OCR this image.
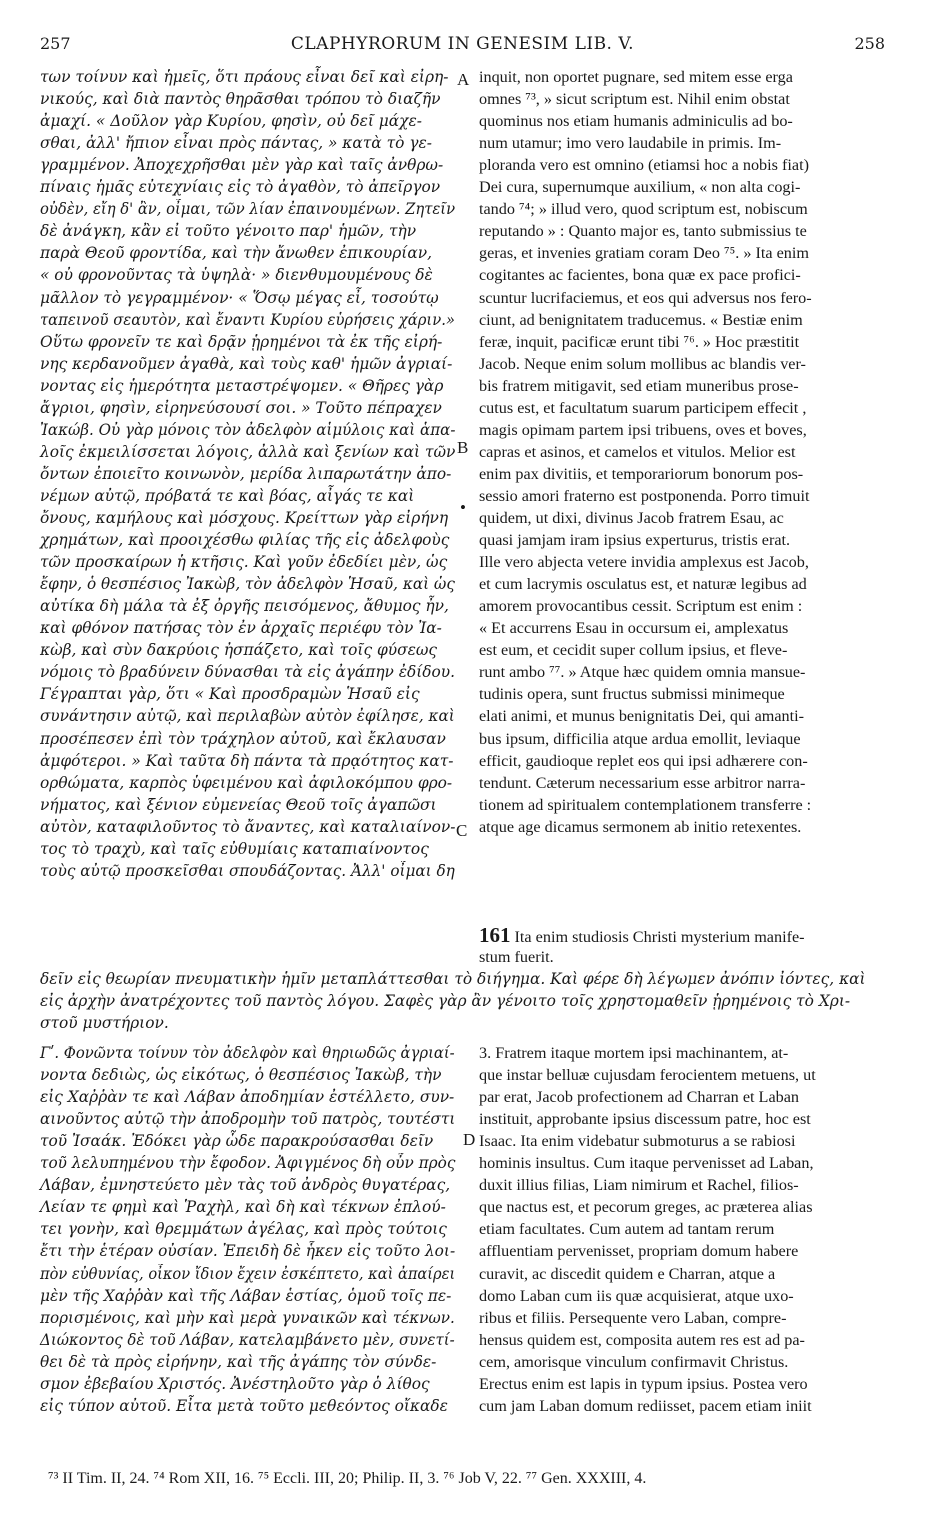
257	CLAPHYRORUM IN GENESIM LIB. V.	258
των τοίνυν καὶ ἡμεῖς, ὅτι πράους εἶναι δεῖ καὶ εἰρη-
νικούς, καὶ διὰ παντὸς θηρᾶσθαι τρόπου τὸ διαζῆν
ἀμαχί. « Δοῦλον γὰρ Κυρίου, φησὶν, οὐ δεῖ μάχε-
σθαι, ἀλλ' ἤπιον εἶναι πρὸς πάντας, » κατὰ τὸ γε-
γραμμένον. Ἀποχεχρῆσθαι μὲν γὰρ καὶ ταῖς ἀνθρω-
πίναις ἡμᾶς εὐτεχνίαις εἰς τὸ ἀγαθὸν, τὸ ἀπεῖργον
οὐδὲν, εἴη δ' ἂν, οἶμαι, τῶν λίαν ἐπαινουμένων. Ζητεῖν
δὲ ἀνάγκη, κἂν εἰ τοῦτο γένοιτο παρ' ἡμῶν, τὴν
παρὰ Θεοῦ φροντίδα, καὶ τὴν ἄνωθεν ἐπικουρίαν,
« οὐ φρονοῦντας τὰ ὑψηλὰ· » διενθυμουμένους δὲ
μᾶλλον τὸ γεγραμμένον· « Ὅσῳ μέγας εἶ, τοσούτῳ
ταπεινοῦ σεαυτὸν, καὶ ἔναντι Κυρίου εὑρήσεις χάριν.»
Οὕτω φρονεῖν τε καὶ δρᾷν ᾑρημένοι τὰ ἐκ τῆς εἰρή-
νης κερδανοῦμεν ἀγαθὰ, καὶ τοὺς καθ' ἡμῶν ἀγριαί-
νοντας εἰς ἡμερότητα μεταστρέψομεν. « Θῆρες γὰρ
ἄγριοι, φησὶν, εἰρηνεύσουσί σοι. » Τοῦτο πέπραχεν
Ἰακώβ. Οὐ γὰρ μόνοις τὸν ἀδελφὸν αἱμύλοις καὶ ἁπα-
λοῖς ἐκμειλίσσεται λόγοις, ἀλλὰ καὶ ξενίων καὶ τῶν
ὄντων ἐποιεῖτο κοινωνὸν, μερίδα λιπαρωτάτην ἀπο-
νέμων αὐτῷ, πρόβατά τε καὶ βόας, αἶγάς τε καὶ
ὄνους, καμήλους καὶ μόσχους. Κρείττων γὰρ εἰρήνη
χρημάτων, καὶ προοιχέσθω φιλίας τῆς εἰς ἀδελφοὺς
τῶν προσκαίρων ἡ κτῆσις. Καὶ γοῦν ἐδεδίει μὲν, ὡς
ἔφην, ὁ θεσπέσιος Ἰακὼβ, τὸν ἀδελφὸν Ἡσαῦ, καὶ ὡς
αὐτίκα δὴ μάλα τὰ ἐξ ὀργῆς πεισόμενος, ἄθυμος ἦν,
καὶ φθόνον πατήσας τὸν ἐν ἀρχαῖς περιέφυ τὸν Ἰα-
κὼβ, καὶ σὺν δακρύοις ἠσπάζετο, καὶ τοῖς φύσεως
νόμοις τὸ βραδύνειν δύνασθαι τὰ εἰς ἀγάπην ἐδίδου.
Γέγραπται γὰρ, ὅτι « Καὶ προσδραμὼν Ἡσαῦ εἰς
συνάντησιν αὐτῷ, καὶ περιλαβὼν αὐτὸν ἐφίλησε, καὶ
προσέπεσεν ἐπὶ τὸν τράχηλον αὐτοῦ, καὶ ἔκλαυσαν
ἀμφότεροι. » Καὶ ταῦτα δὴ πάντα τὰ πρᾳότητος κατ-
ορθώματα, καρπὸς ὑφειμένου καὶ ἀφιλοκόμπου φρο-
νήματος, καὶ ξένιον εὐμενείας Θεοῦ τοῖς ἀγαπῶσι
αὐτὸν, καταφιλοῦντος τὸ ἄναντες, καὶ καταλιαίνον-
τος τὸ τραχὺ, καὶ ταῖς εὐθυμίαις καταπιαίνοντος
τοὺς αὐτῷ προσκεῖσθαι σπουδάζοντας. Ἀλλ' οἶμαι δη
inquit, non oportet pugnare, sed mitem esse erga
omnes ⁷³, » sicut scriptum est. Nihil enim obstat
quominus nos etiam humanis adminiculis ad bo-
num utamur; imo vero laudabile in primis. Im-
ploranda vero est omnino (etiamsi hoc a nobis fiat)
Dei cura, supernumque auxilium, « non alta cogi-
tando ⁷⁴; » illud vero, quod scriptum est, nobiscum
reputando » : Quanto major es, tanto submissius te
geras, et invenies gratiam coram Deo ⁷⁵. » Ita enim
cogitantes ac facientes, bona quæ ex pace profici-
scuntur lucrifaciemus, et eos qui adversus nos fero-
ciunt, ad benignitatem traducemus. « Bestiæ enim
feræ, inquit, pacificæ erunt tibi ⁷⁶. » Hoc præstitit
Jacob. Neque enim solum mollibus ac blandis ver-
bis fratrem mitigavit, sed etiam muneribus prose-
cutus est, et facultatum suarum participem effecit ,
magis opimam partem ipsi tribuens, oves et boves,
capras et asinos, et camelos et vitulos. Melior est
enim pax divitiis, et temporariorum bonorum pos-
sessio amori fraterno est postponenda. Porro timuit
quidem, ut dixi, divinus Jacob fratrem Esau, ac
quasi jamjam iram ipsius experturus, tristis erat.
Ille vero abjecta vetere invidia amplexus est Jacob,
et cum lacrymis osculatus est, et naturæ legibus ad
amorem provocantibus cessit. Scriptum est enim :
« Et accurrens Esau in occursum ei, amplexatus
est eum, et cecidit super collum ipsius, et fleve-
runt ambo ⁷⁷. » Atque hæc quidem omnia mansue-
tudinis opera, sunt fructus submissi minimeque
elati animi, et munus benignitatis Dei, qui amanti-
bus ipsum, difficilia atque ardua emollit, leviaque
efficit, gaudioque replet eos qui ipsi adhærere con-
tendunt. Cæterum necessarium esse arbitror narra-
tionem ad spiritualem contemplationem transferre :
atque age dicamus sermonem ab initio retexentes.
δεῖν εἰς θεωρίαν πνευματικὴν ἡμῖν μεταπλάττεσθαι τὸ διήγημα. Καὶ φέρε δὴ λέγωμεν ἀνόπιν ἰόντες, καὶ
εἰς ἀρχὴν ἀνατρέχοντες τοῦ παντὸς λόγου. Σαφὲς γὰρ ἂν γένοιτο τοῖς χρηστομαθεῖν ᾑρημένοις τὸ Χρι-
στοῦ μυστήριον.
Γʹ. Φονῶντα τοίνυν τὸν ἀδελφὸν καὶ θηριωδῶς ἀγριαί-
νοντα δεδιὼς, ὡς εἰκότως, ὁ θεσπέσιος Ἰακὼβ, τὴν
εἰς Χαῤῥὰν τε καὶ Λάβαν ἀποδημίαν ἐστέλλετο, συν-
αινοῦντος αὐτῷ τὴν ἀποδρομὴν τοῦ πατρὸς, τουτέστι
τοῦ Ἰσαάκ. Ἐδόκει γὰρ ὧδε παρακρούσασθαι δεῖν
τοῦ λελυπημένου τὴν ἔφοδον. Ἀφιγμένος δὴ οὖν πρὸς
Λάβαν, ἐμνηστεύετο μὲν τὰς τοῦ ἀνδρὸς θυγατέρας,
Λείαν τε φημὶ καὶ Ῥαχὴλ, καὶ δὴ καὶ τέκνων ἐπλού-
τει γονὴν, καὶ θρεμμάτων ἀγέλας, καὶ πρὸς τούτοις
ἔτι τὴν ἑτέραν οὐσίαν. Ἐπειδὴ δὲ ἧκεν εἰς τοῦτο λοι-
πὸν εὐθυνίας, οἶκον ἴδιον ἔχειν ἐσκέπτετο, καὶ ἀπαίρει
μὲν τῆς Χαῤῥὰν καὶ τῆς Λάβαν ἑστίας, ὁμοῦ τοῖς πε-
πορισμένοις, καὶ μὴν καὶ μερὰ γυναικῶν καὶ τέκνων.
Διώκοντος δὲ τοῦ Λάβαν, κατελαμβάνετο μὲν, συνετί-
θει δὲ τὰ πρὸς εἰρήνην, καὶ τῆς ἀγάπης τὸν σύνδε-
σμον ἐβεβαίου Χριστός. Ἀνέστηλοῦτο γὰρ ὁ λίθος
εἰς τύπον αὐτοῦ. Εἶτα μετὰ τοῦτο μεθεόντος οἴκαδε
3. Fratrem itaque mortem ipsi machinantem, at-
que instar belluæ cujusdam ferocientem metuens, ut
par erat, Jacob profectionem ad Charran et Laban
instituit, approbante ipsius discessum patre, hoc est
Isaac. Ita enim videbatur submoturus a se rabiosi
hominis insultus. Cum itaque pervenisset ad Laban,
duxit illius filias, Liam nimirum et Rachel, filios-
que nactus est, et pecorum greges, ac præterea alias
etiam facultates. Cum autem ad tantam rerum
affluentiam pervenisset, propriam domum habere
curavit, ac discedit quidem e Charran, atque a
domo Laban cum iis quæ acquisierat, atque uxo-
ribus et filiis. Persequente vero Laban, compre-
hensus quidem est, composita autem res est ad pa-
cem, amorisque vinculum confirmavit Christus.
Erectus enim est lapis in typum ipsius. Postea vero
cum jam Laban domum rediisset, pacem etiam iniit
A
B
•
C
D
161 Ita enim studiosis Christi mysterium manife-
stum fuerit.
⁷³ II Tim. II, 24. ⁷⁴ Rom XII, 16. ⁷⁵ Eccli. III, 20; Philip. II, 3. ⁷⁶ Job V, 22. ⁷⁷ Gen. XXXIII, 4.
